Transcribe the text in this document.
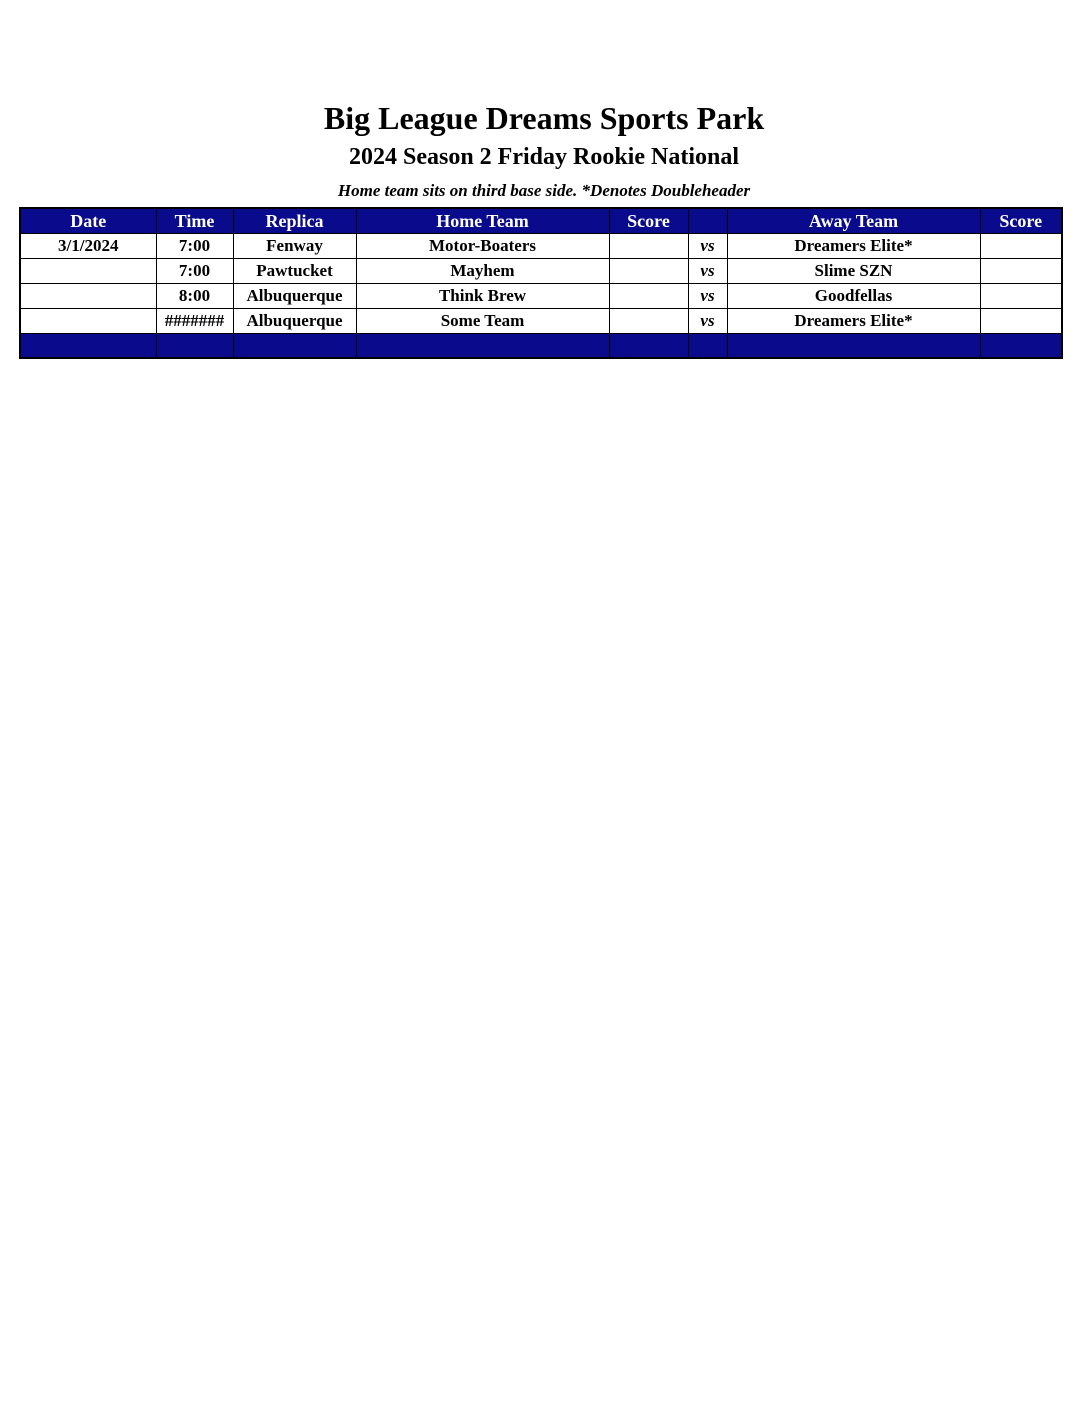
Big League Dreams Sports Park
2024 Season 2 Friday Rookie National
Home team sits on third base side. *Denotes Doubleheader
Date	Time	Replica	Home Team	Score		Away Team	Score
3/1/2024	7:00	Fenway	Motor-Boaters		vs	Dreamers Elite*	
	7:00	Pawtucket	Mayhem		vs	Slime SZN	
	8:00	Albuquerque	Think Brew		vs	Goodfellas	
	#######	Albuquerque	Some Team		vs	Dreamers Elite*	
